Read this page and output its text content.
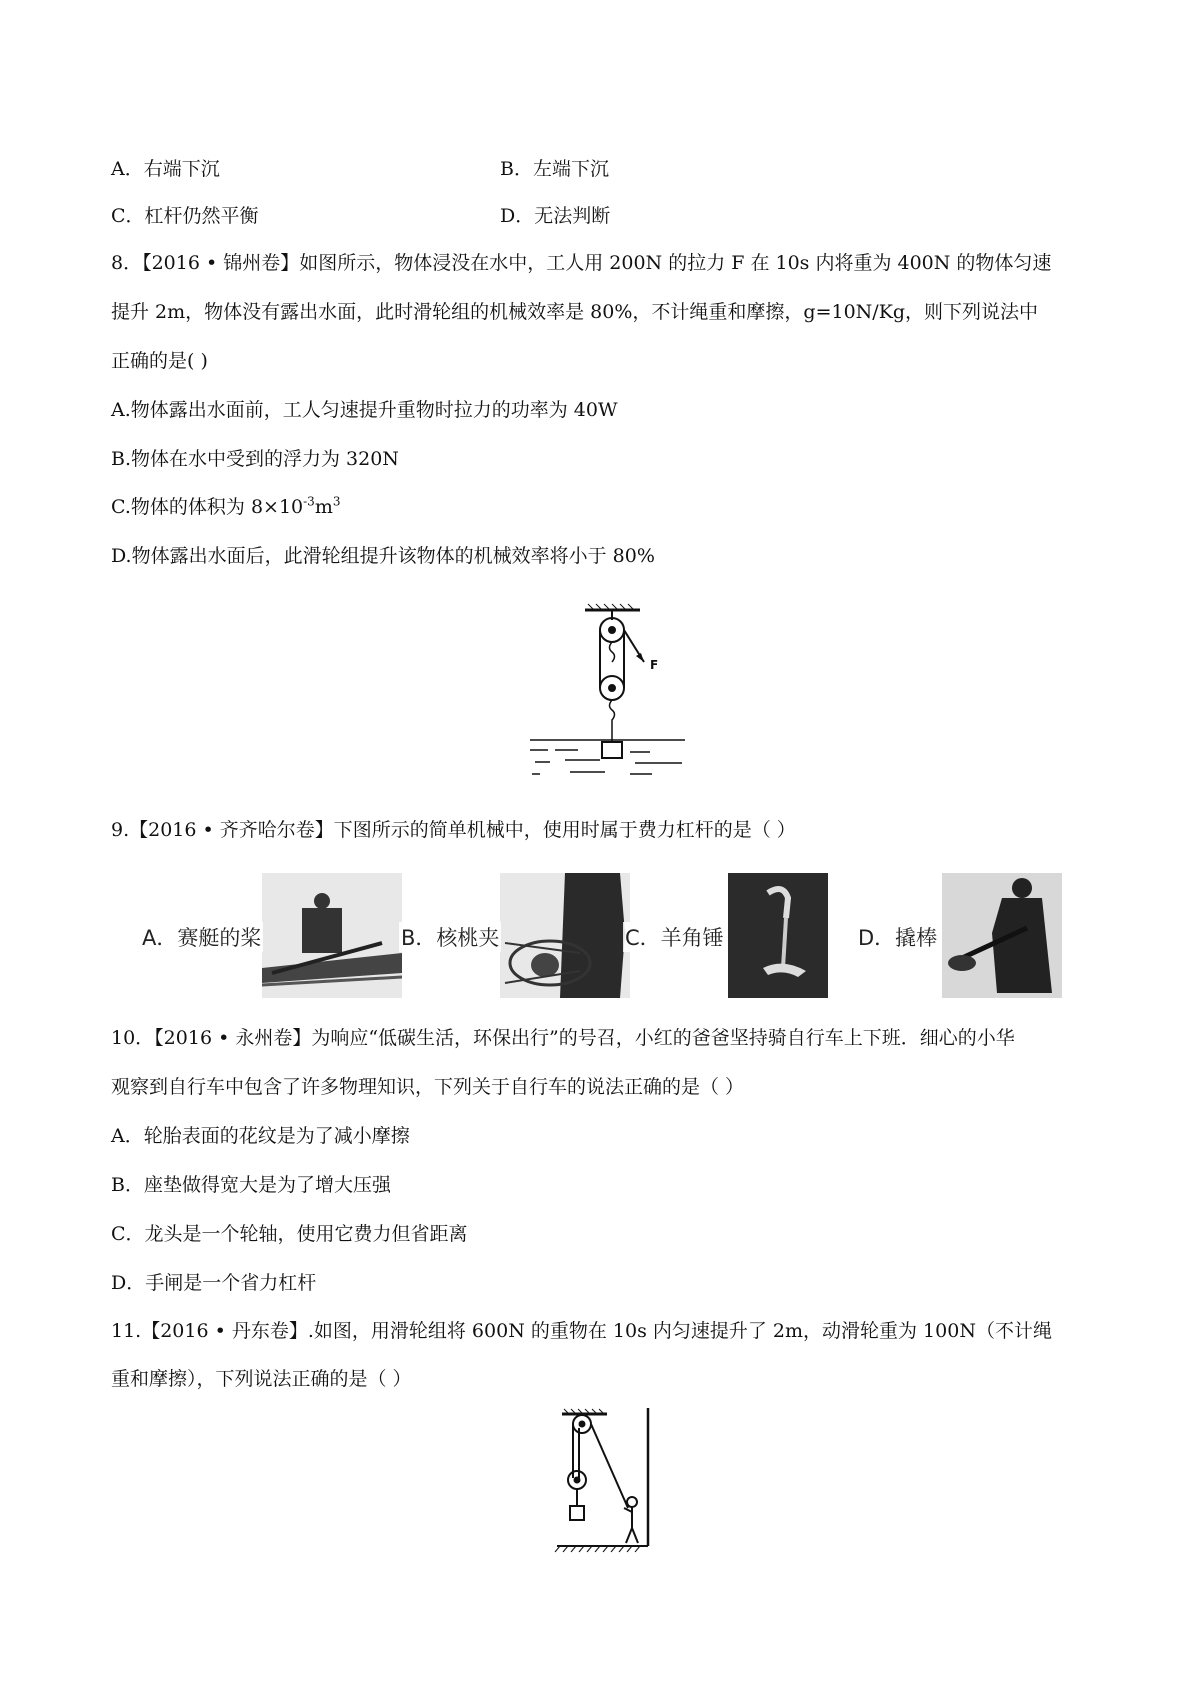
A．右端下沉	B．左端下沉
C．杠杆仍然平衡	D．无法判断
8．【2016 • 锦州卷】如图所示，物体浸没在水中，工人用 200N 的拉力 F 在 10s 内将重为 400N 的物体匀速
提升 2m，物体没有露出水面，此时滑轮组的机械效率是 80%，不计绳重和摩擦，g=10N/Kg，则下列说法中
正确的是( )
A.物体露出水面前，工人匀速提升重物时拉力的功率为 40W
B.物体在水中受到的浮力为 320N
C.物体的体积为 $8\times 10^{-3}m^3$
D.物体露出水面后，此滑轮组提升该物体的机械效率将小于 80%
F
9.【2016 • 齐齐哈尔卷】下图所示的简单机械中，使用时属于费力杠杆的是（ ）
A．赛艇的桨	B．核桃夹	C．羊角锤	D．撬棒
10．【2016 • 永州卷】为响应“低碳生活，环保出行”的号召，小红的爸爸坚持骑自行车上下班．细心的小华
观察到自行车中包含了许多物理知识，下列关于自行车的说法正确的是（ ）
A．轮胎表面的花纹是为了减小摩擦
B．座垫做得宽大是为了增大压强
C．龙头是一个轮轴，使用它费力但省距离
D．手闸是一个省力杠杆
11.【2016 • 丹东卷】.如图，用滑轮组将 600N 的重物在 10s 内匀速提升了 2m，动滑轮重为 100N（不计绳
重和摩擦），下列说法正确的是（ ）
